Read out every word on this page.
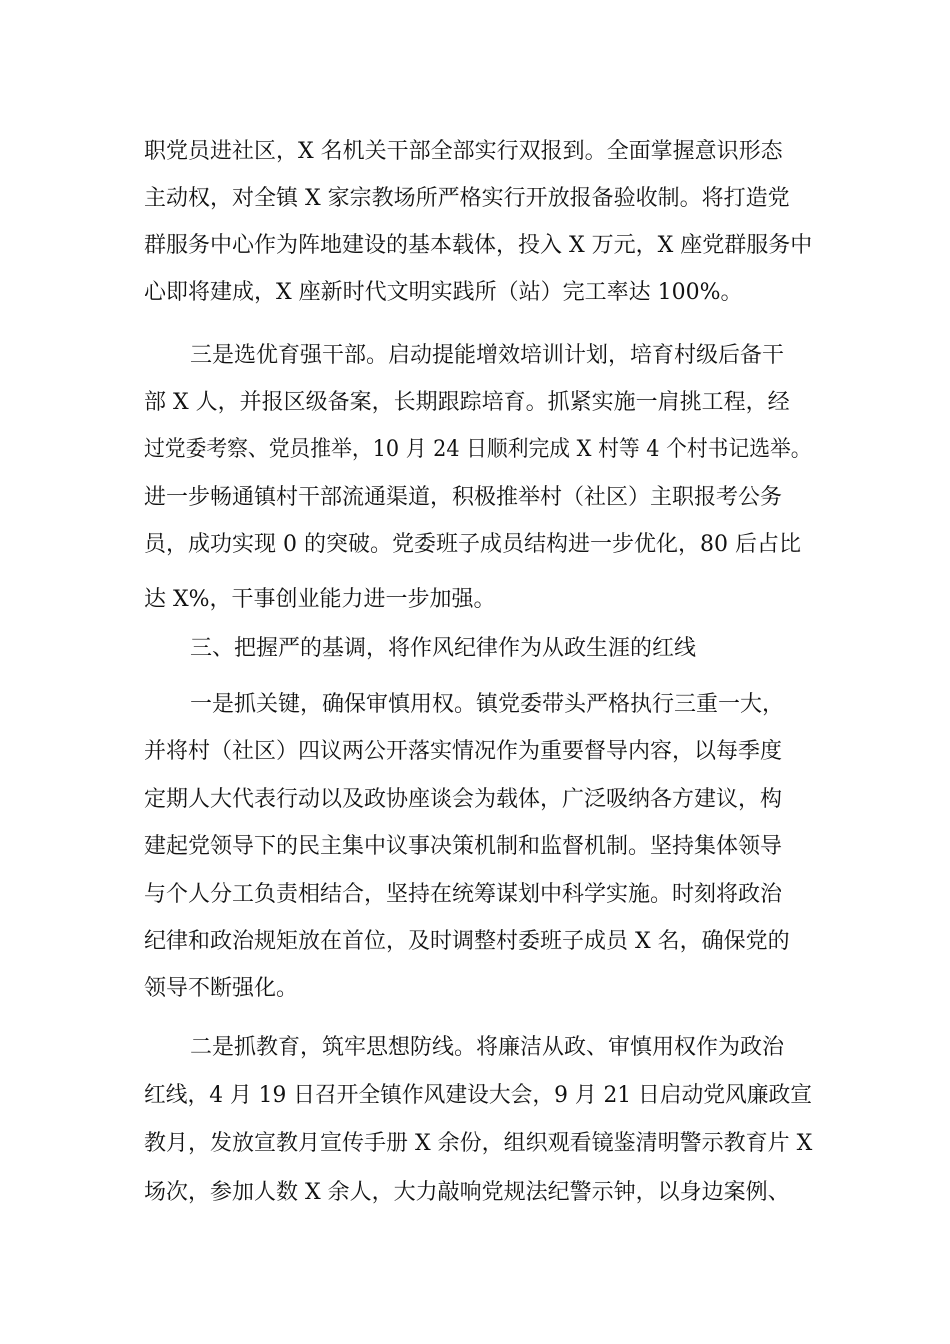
职党员进社区，X 名机关干部全部实行双报到。全面掌握意识形态
主动权，对全镇 X 家宗教场所严格实行开放报备验收制。将打造党
群服务中心作为阵地建设的基本载体，投入 X 万元，X 座党群服务中
心即将建成，X 座新时代文明实践所（站）完工率达 100%。
三是选优育强干部。启动提能增效培训计划，培育村级后备干
部 X 人，并报区级备案，长期跟踪培育。抓紧实施一肩挑工程，经
过党委考察、党员推举，10 月 24 日顺利完成 X 村等 4 个村书记选举。
进一步畅通镇村干部流通渠道，积极推举村（社区）主职报考公务
员，成功实现 0 的突破。党委班子成员结构进一步优化，80 后占比
达 X%，干事创业能力进一步加强。
三、把握严的基调，将作风纪律作为从政生涯的红线
一是抓关键，确保审慎用权。镇党委带头严格执行三重一大，
并将村（社区）四议两公开落实情况作为重要督导内容，以每季度
定期人大代表行动以及政协座谈会为载体，广泛吸纳各方建议，构
建起党领导下的民主集中议事决策机制和监督机制。坚持集体领导
与个人分工负责相结合，坚持在统筹谋划中科学实施。时刻将政治
纪律和政治规矩放在首位，及时调整村委班子成员 X 名，确保党的
领导不断强化。
二是抓教育，筑牢思想防线。将廉洁从政、审慎用权作为政治
红线，4 月 19 日召开全镇作风建设大会，9 月 21 日启动党风廉政宣
教月，发放宣教月宣传手册 X 余份，组织观看镜鉴清明警示教育片 X
场次，参加人数 X 余人，大力敲响党规法纪警示钟，以身边案例、
